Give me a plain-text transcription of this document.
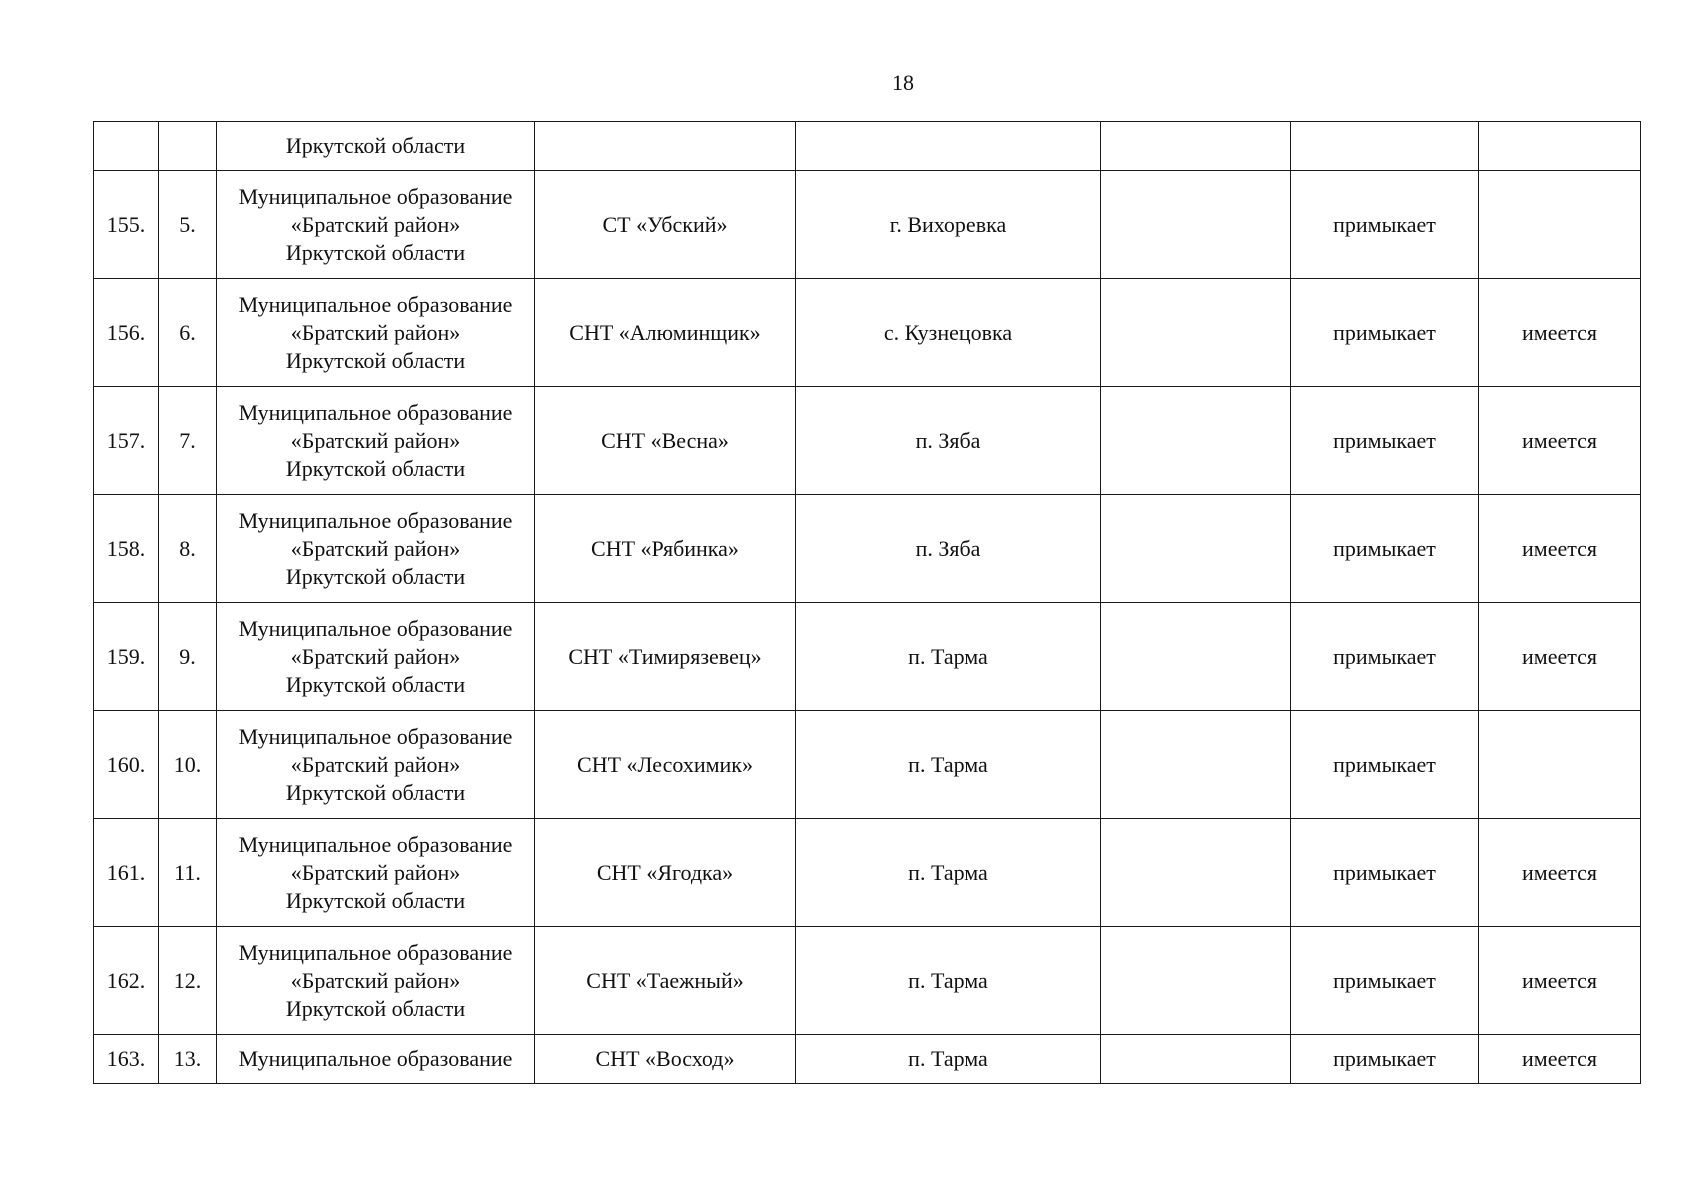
18
		Иркутской области					
155.	5.	Муниципальное образование
«Братский район»
Иркутской области	СТ «Убский»	г. Вихоревка		примыкает	
156.	6.	Муниципальное образование
«Братский район»
Иркутской области	СНТ «Алюминщик»	с. Кузнецовка		примыкает	имеется
157.	7.	Муниципальное образование
«Братский район»
Иркутской области	СНТ «Весна»	п. Зяба		примыкает	имеется
158.	8.	Муниципальное образование
«Братский район»
Иркутской области	СНТ «Рябинка»	п. Зяба		примыкает	имеется
159.	9.	Муниципальное образование
«Братский район»
Иркутской области	СНТ «Тимирязевец»	п. Тарма		примыкает	имеется
160.	10.	Муниципальное образование
«Братский район»
Иркутской области	СНТ «Лесохимик»	п. Тарма		примыкает	
161.	11.	Муниципальное образование
«Братский район»
Иркутской области	СНТ «Ягодка»	п. Тарма		примыкает	имеется
162.	12.	Муниципальное образование
«Братский район»
Иркутской области	СНТ «Таежный»	п. Тарма		примыкает	имеется
163.	13.	Муниципальное образование	СНТ «Восход»	п. Тарма		примыкает	имеется
